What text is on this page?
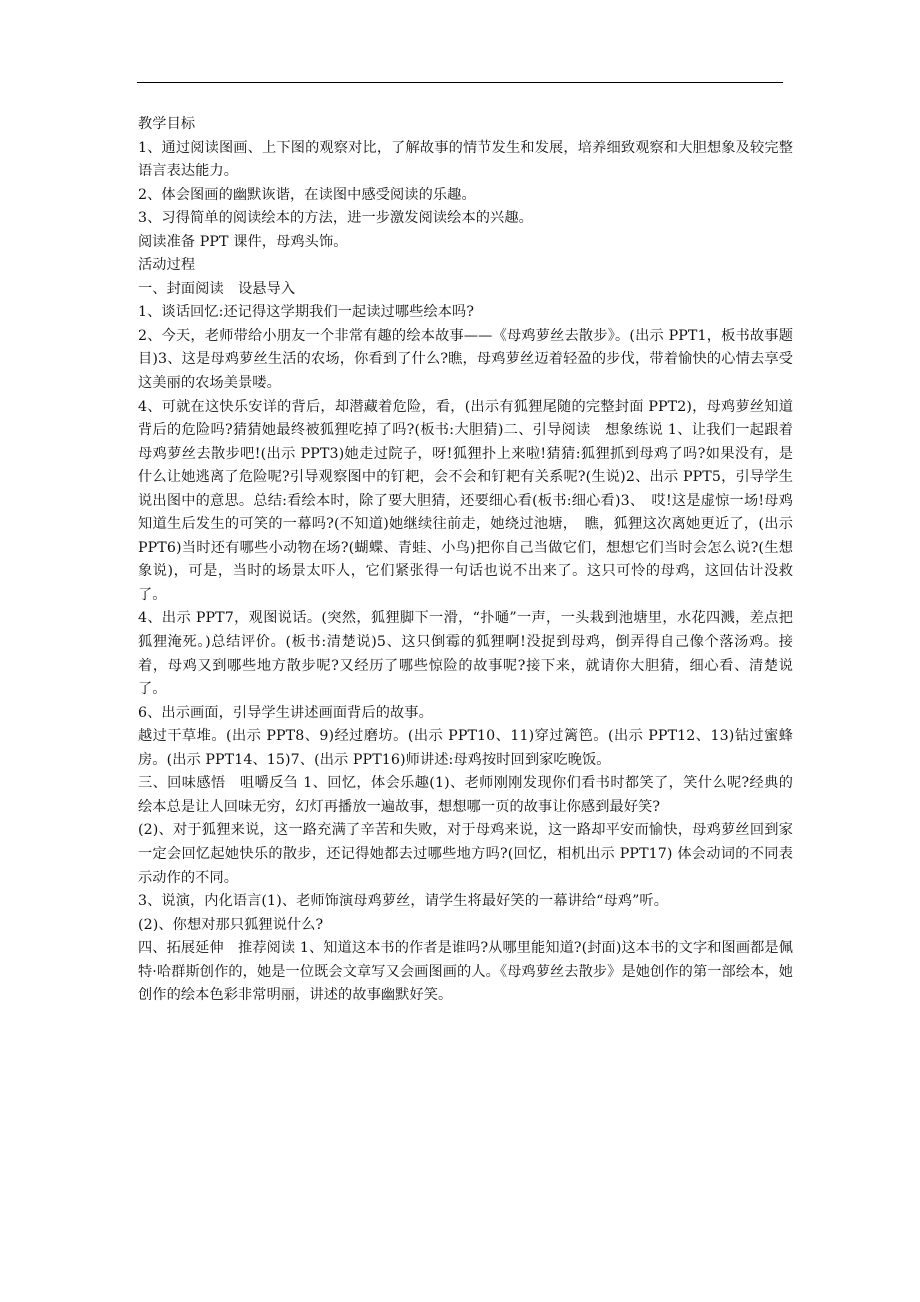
教学目标

1、通过阅读图画、上下图的观察对比，了解故事的情节发生和发展，培养细致观察和大胆想象及较完整语言表达能力。

2、体会图画的幽默诙谐，在读图中感受阅读的乐趣。

3、习得简单的阅读绘本的方法，进一步激发阅读绘本的兴趣。

阅读准备 PPT 课件，母鸡头饰。

活动过程

一、封面阅读　设悬导入

1、谈话回忆:还记得这学期我们一起读过哪些绘本吗?

2、今天，老师带给小朋友一个非常有趣的绘本故事——《母鸡萝丝去散步》。(出示 PPT1，板书故事题目)3、这是母鸡萝丝生活的农场，你看到了什么?瞧，母鸡萝丝迈着轻盈的步伐，带着愉快的心情去享受这美丽的农场美景喽。

4、可就在这快乐安详的背后，却潜藏着危险，看，(出示有狐狸尾随的完整封面 PPT2)，母鸡萝丝知道背后的危险吗?猜猜她最终被狐狸吃掉了吗?(板书:大胆猜)二、引导阅读　想象练说 1、让我们一起跟着母鸡萝丝去散步吧!(出示 PPT3)她走过院子，呀!狐狸扑上来啦!猜猜:狐狸抓到母鸡了吗?如果没有，是什么让她逃离了危险呢?引导观察图中的钉耙，会不会和钉耙有关系呢?(生说)2、出示 PPT5，引导学生说出图中的意思。总结:看绘本时，除了要大胆猜，还要细心看(板书:细心看)3、　哎!这是虚惊一场!母鸡知道生后发生的可笑的一幕吗?(不知道)她继续往前走，她绕过池塘，　瞧，狐狸这次离她更近了，(出示 PPT6)当时还有哪些小动物在场?(蝴蝶、青蛙、小鸟)把你自己当做它们，想想它们当时会怎么说?(生想象说)，可是，当时的场景太吓人，它们紧张得一句话也说不出来了。这只可怜的母鸡，这回估计没救了。

4、出示 PPT7，观图说话。(突然，狐狸脚下一滑，“扑嗵”一声，一头栽到池塘里，水花四溅，差点把狐狸淹死。)总结评价。(板书:清楚说)5、这只倒霉的狐狸啊!没捉到母鸡，倒弄得自己像个落汤鸡。接着，母鸡又到哪些地方散步呢?又经历了哪些惊险的故事呢?接下来，就请你大胆猜，细心看、清楚说了。

6、出示画面，引导学生讲述画面背后的故事。

越过干草堆。(出示 PPT8、9)经过磨坊。(出示 PPT10、11)穿过篱笆。(出示 PPT12、13)钻过蜜蜂房。(出示 PPT14、15)7、(出示 PPT16)师讲述:母鸡按时回到家吃晚饭。

三、回味感悟　咀嚼反刍 1、回忆，体会乐趣(1)、老师刚刚发现你们看书时都笑了，笑什么呢?经典的绘本总是让人回味无穷，幻灯再播放一遍故事，想想哪一页的故事让你感到最好笑?

(2)、对于狐狸来说，这一路充满了辛苦和失败，对于母鸡来说，这一路却平安而愉快，母鸡萝丝回到家一定会回忆起她快乐的散步，还记得她都去过哪些地方吗?(回忆，相机出示 PPT17) 体会动词的不同表示动作的不同。

3、说演，内化语言(1)、老师饰演母鸡萝丝，请学生将最好笑的一幕讲给“母鸡”听。

(2)、你想对那只狐狸说什么?

四、拓展延伸　推荐阅读 1、知道这本书的作者是谁吗?从哪里能知道?(封面)这本书的文字和图画都是佩特·哈群斯创作的，她是一位既会文章写又会画图画的人。《母鸡萝丝去散步》是她创作的第一部绘本，她创作的绘本色彩非常明丽，讲述的故事幽默好笑。
